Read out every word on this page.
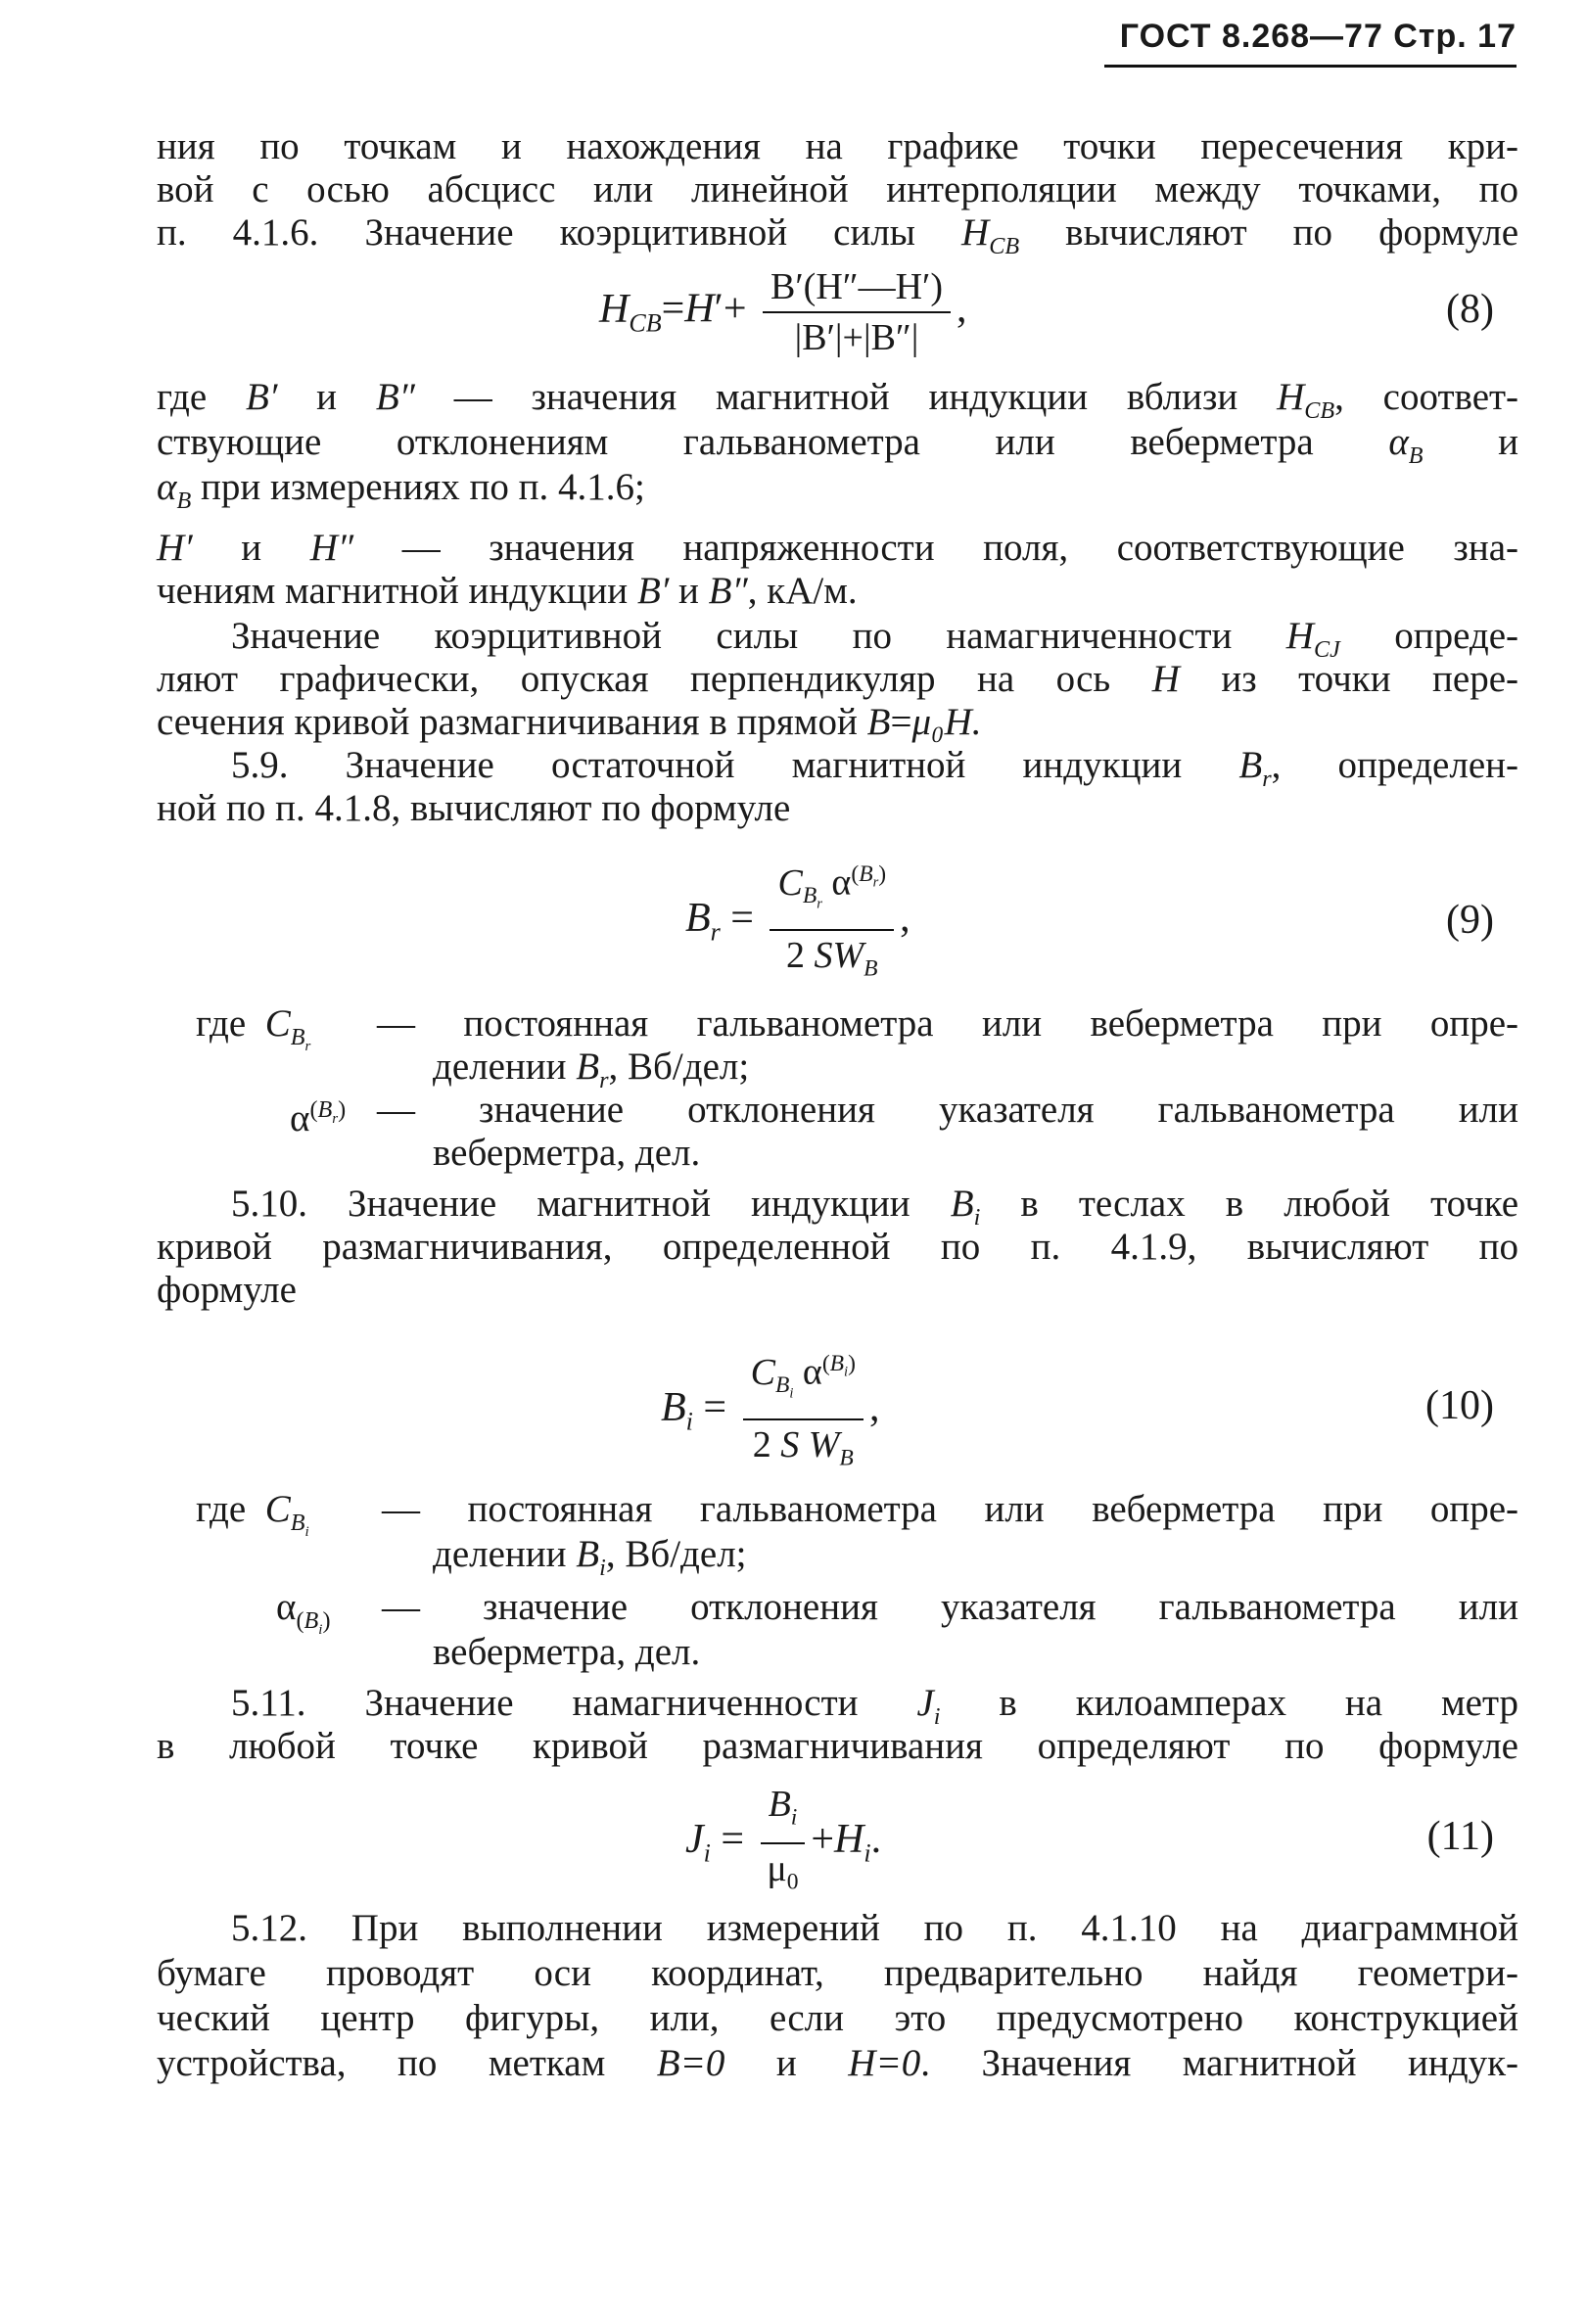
ГОСТ 8.268—77 Стр. 17
ния по точкам и нахождения на графике точки пересечения кри-
вой с осью абсцисс или линейной интерполяции между точками, по
п. 4.1.6. Значение коэрцитивной силы $H_{CB}$ вычисляют по формуле
$H_{CB}=H'+ \frac{B'(H''—H')}{|B'|+|B''|}$ ,	(8)
где B′ и B″ — значения магнитной индукции вблизи $H_{CB}$, соответ-
ствующие отклонениям гальванометра или веберметра $\alpha_B$ и
$\alpha_B$ при измерениях по п. 4.1.6;
H′ и H″ — значения напряженности поля, соответствующие зна-
чениям магнитной индукции B′ и B″, кА/м.
Значение коэрцитивной силы по намагниченности $H_{CJ}$ опреде-
ляют графически, опуская перпендикуляр на ось H из точки пере-
сечения кривой размагничивания в прямой B=μ₀H.
5.9. Значение остаточной магнитной индукции $B_r$, определен-
ной по п. 4.1.8, вычисляют по формуле
$B_r = \frac{C_{B_r} \alpha^{(B_r)}}{2 SW_B}$ ,	(9)
где $C_{B_r}$
— постоянная гальванометра или веберметра при опре-
делении $B_r$, Вб/дел;
$\alpha^{(B_r)}$ — значение отклонения указателя гальванометра или
веберметра, дел.
5.10. Значение магнитной индукции $B_i$ в теслах в любой точке
кривой размагничивания, определенной по п. 4.1.9, вычисляют по
формуле
$B_i = \frac{C_{B_i} \alpha^{(B_i)}}{2 S W_B}$ ,	(10)
где $C_{B_i}$
— постоянная гальванометра или веберметра при опре-
делении $B_i$, Вб/дел;
$\alpha_{(B_i)}$ — значение отклонения указателя гальванометра или
веберметра, дел.
5.11. Значение намагниченности $J_i$ в килоамперах на метр
в любой точке кривой размагничивания определяют по формуле
$J_i = \frac{B_i}{\mu_0} +H_i$.	(11)
5.12. При выполнении измерений по п. 4.1.10 на диаграммной
бумаге проводят оси координат, предварительно найдя геометри-
ческий центр фигуры, или, если это предусмотрено конструкцией
устройства, по меткам B=0 и H=0. Значения магнитной индук-
